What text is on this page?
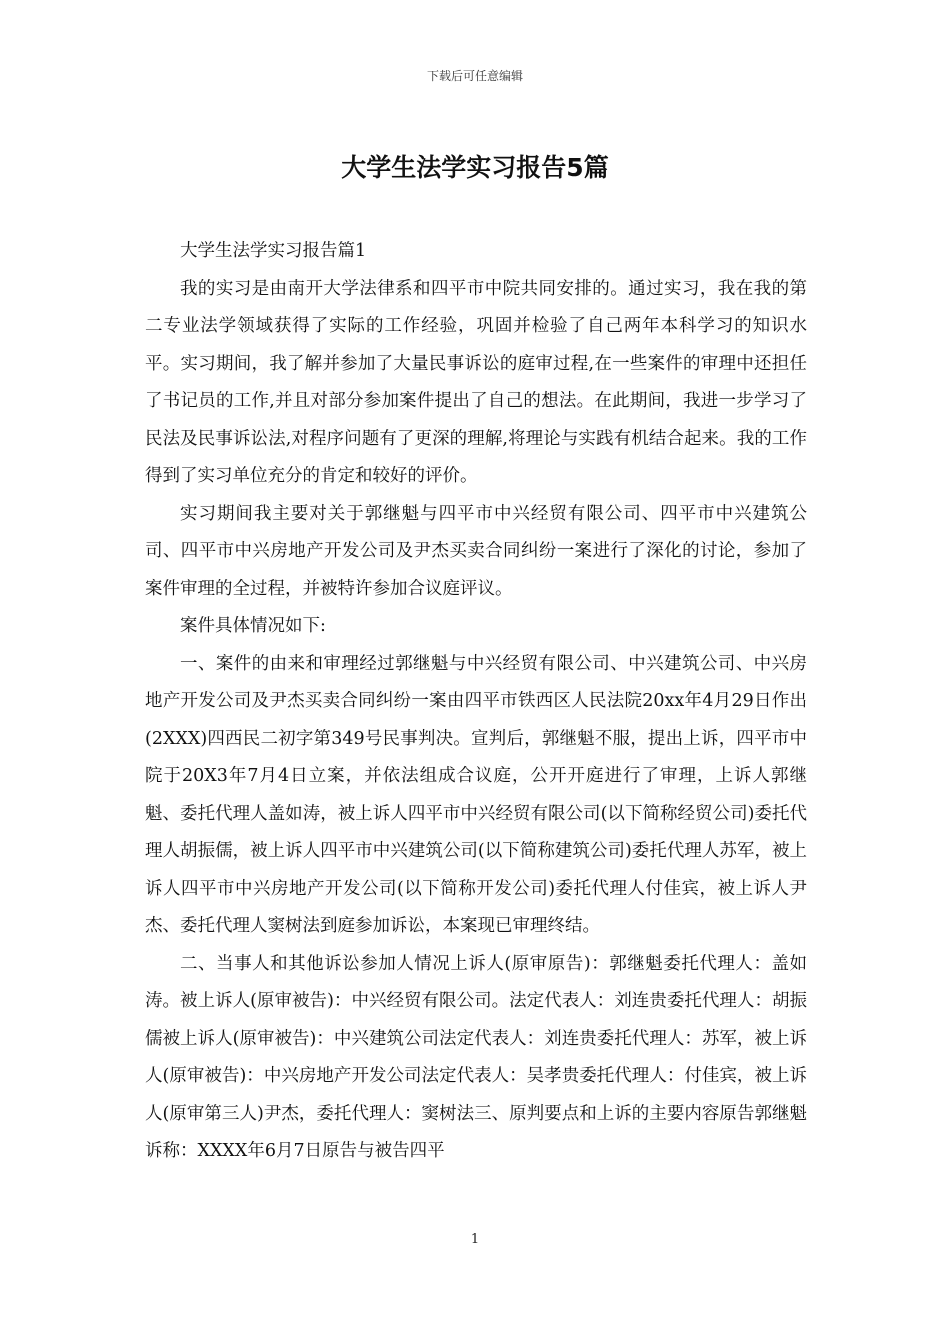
下载后可任意编辑
大学生法学实习报告5篇

大学生法学实习报告篇1

我的实习是由南开大学法律系和四平市中院共同安排的。通过实习，我在我的第二专业法学领域获得了实际的工作经验，巩固并检验了自己两年本科学习的知识水平。实习期间，我了解并参加了大量民事诉讼的庭审过程,在一些案件的审理中还担任了书记员的工作,并且对部分参加案件提出了自己的想法。在此期间，我进一步学习了民法及民事诉讼法,对程序问题有了更深的理解,将理论与实践有机结合起来。我的工作得到了实习单位充分的肯定和较好的评价。

实习期间我主要对关于郭继魁与四平市中兴经贸有限公司、四平市中兴建筑公司、四平市中兴房地产开发公司及尹杰买卖合同纠纷一案进行了深化的讨论，参加了案件审理的全过程，并被特许参加合议庭评议。

案件具体情况如下:

一、案件的由来和审理经过郭继魁与中兴经贸有限公司、中兴建筑公司、中兴房地产开发公司及尹杰买卖合同纠纷一案由四平市铁西区人民法院20xx年4月29日作出(2XXX)四西民二初字第349号民事判决。宣判后，郭继魁不服，提出上诉，四平市中院于20X3年7月4日立案，并依法组成合议庭，公开开庭进行了审理，上诉人郭继魁、委托代理人盖如涛，被上诉人四平市中兴经贸有限公司(以下简称经贸公司)委托代理人胡振儒，被上诉人四平市中兴建筑公司(以下简称建筑公司)委托代理人苏军，被上诉人四平市中兴房地产开发公司(以下简称开发公司)委托代理人付佳宾，被上诉人尹杰、委托代理人窦树法到庭参加诉讼，本案现已审理终结。

二、当事人和其他诉讼参加人情况上诉人(原审原告)：郭继魁委托代理人：盖如涛。被上诉人(原审被告)：中兴经贸有限公司。法定代表人：刘连贵委托代理人：胡振儒被上诉人(原审被告)：中兴建筑公司法定代表人：刘连贵委托代理人：苏军，被上诉人(原审被告)：中兴房地产开发公司法定代表人：吴孝贵委托代理人：付佳宾，被上诉人(原审第三人)尹杰，委托代理人：窦树法三、原判要点和上诉的主要内容原告郭继魁诉称：XXXX年6月7日原告与被告四平

1
